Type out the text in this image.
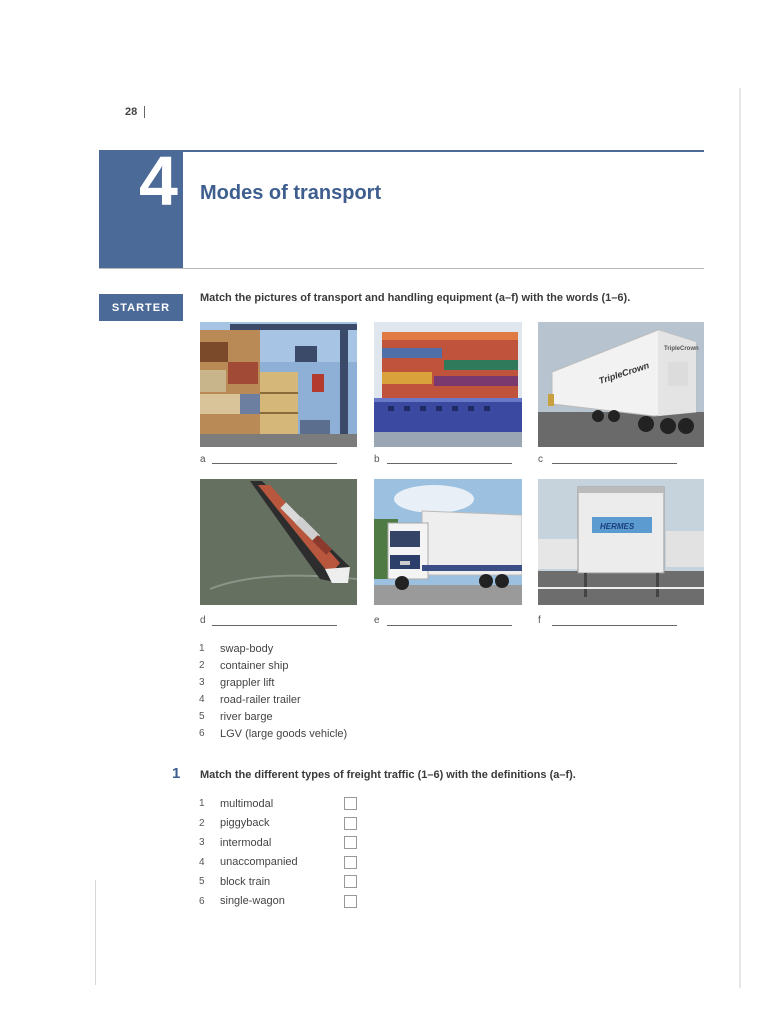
28
4 Modes of transport
STARTER
Match the pictures of transport and handling equipment (a–f) with the words (1–6).
a	b
TripleCrown
TripleCrown
c
d	e
HERMES
f
1	swap-body
2	container ship
3	grappler lift
4	road-railer trailer
5	river barge
6	LGV (large goods vehicle)
1 Match the different types of freight traffic (1–6) with the definitions (a–f).
1	multimodal
2	piggyback
3	intermodal
4	unaccompanied
5	block train
6	single-wagon
